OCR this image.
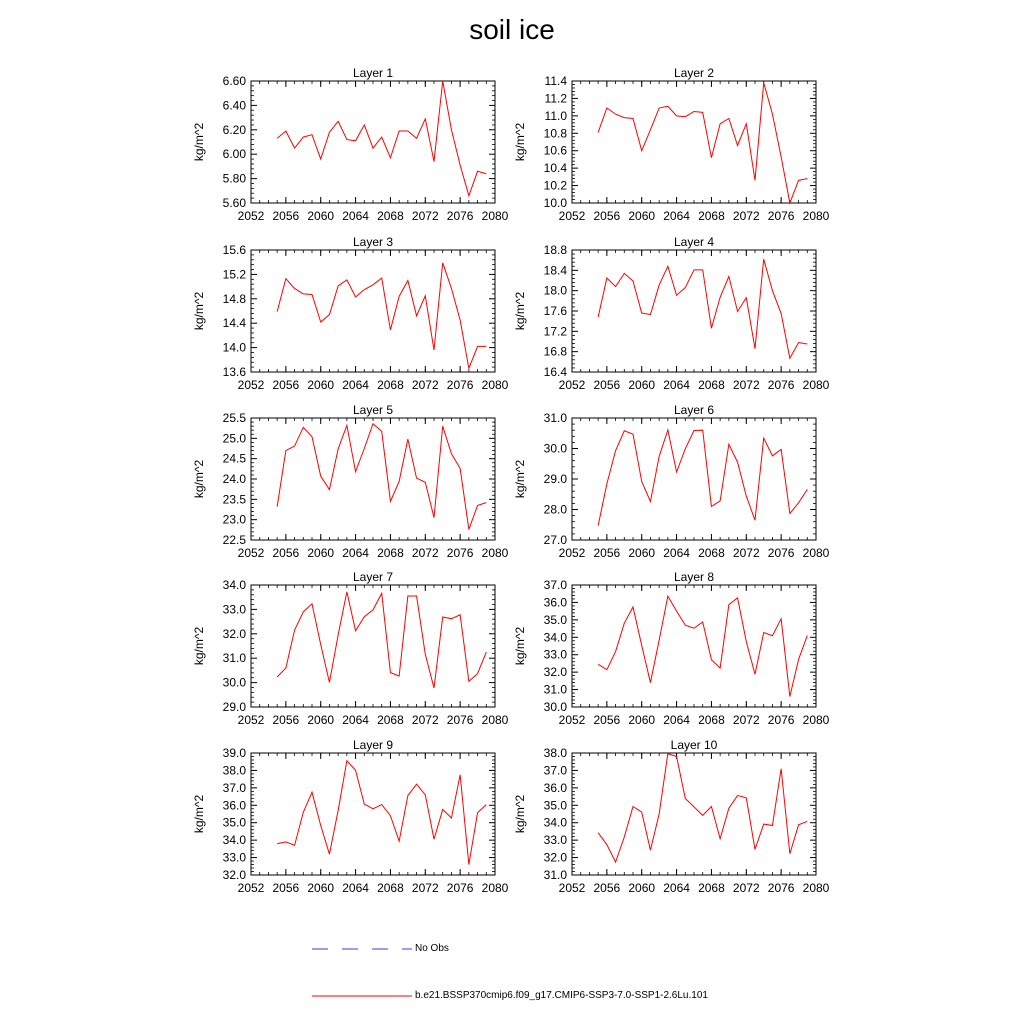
soil ice
2052 2056 2060 2064 2068 2072 2076 2080
5.60
5.80
6.00
6.20
6.40
6.60
Layer 1
kg/m^2
2052 2056 2060 2064 2068 2072 2076 2080
10.0
10.2
10.4
10.6
10.8
11.0
11.2
11.4
Layer 2
kg/m^2
2052 2056 2060 2064 2068 2072 2076 2080
13.6
14.0
14.4
14.8
15.2
15.6
Layer 3
kg/m^2
2052 2056 2060 2064 2068 2072 2076 2080
16.4
16.8
17.2
17.6
18.0
18.4
18.8
Layer 4
kg/m^2
2052 2056 2060 2064 2068 2072 2076 2080
22.5
23.0
23.5
24.0
24.5
25.0
25.5
Layer 5
kg/m^2
2052 2056 2060 2064 2068 2072 2076 2080
27.0
28.0
29.0
30.0
31.0
Layer 6
kg/m^2
2052 2056 2060 2064 2068 2072 2076 2080
29.0
30.0
31.0
32.0
33.0
34.0
Layer 7
kg/m^2
2052 2056 2060 2064 2068 2072 2076 2080
30.0
31.0
32.0
33.0
34.0
35.0
36.0
37.0
Layer 8
kg/m^2
2052 2056 2060 2064 2068 2072 2076 2080
32.0
33.0
34.0
35.0
36.0
37.0
38.0
39.0
Layer 9
kg/m^2
2052 2056 2060 2064 2068 2072 2076 2080
31.0
32.0
33.0
34.0
35.0
36.0
37.0
38.0
Layer 10
kg/m^2
No Obs
b.e21.BSSP370cmip6.f09_g17.CMIP6-SSP3-7.0-SSP1-2.6Lu.101
